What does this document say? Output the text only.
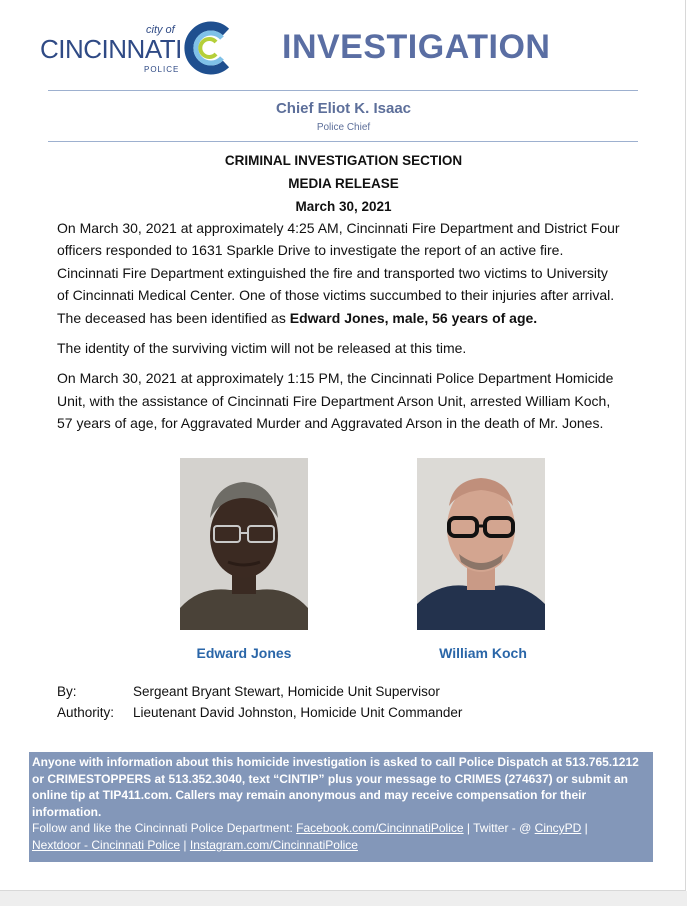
city of
CINCINNATI
POLICE
INVESTIGATION
Chief Eliot K. Isaac
Police Chief
CRIMINAL INVESTIGATION SECTION
MEDIA RELEASE
March 30, 2021

On March 30, 2021 at approximately 4:25 AM, Cincinnati Fire Department and District Four
officers responded to 1631 Sparkle Drive to investigate the report of an active fire.
Cincinnati Fire Department extinguished the fire and transported two victims to University
of Cincinnati Medical Center. One of those victims succumbed to their injuries after arrival.
The deceased has been identified as Edward Jones, male, 56 years of age.

The identity of the surviving victim will not be released at this time.

On March 30, 2021 at approximately 1:15 PM, the Cincinnati Police Department Homicide
Unit, with the assistance of Cincinnati Fire Department Arson Unit, arrested William Koch,
57 years of age, for Aggravated Murder and Aggravated Arson in the death of Mr. Jones.

Edward Jones	William Koch
By:	Sergeant Bryant Stewart, Homicide Unit Supervisor
Authority: Lieutenant David Johnston, Homicide Unit Commander
Anyone with information about this homicide investigation is asked to call Police Dispatch at 513.765.1212
or CRIMESTOPPERS at 513.352.3040, text “CINTIP” plus your message to CRIMES (274637) or submit an
online tip at TIP411.com. Callers may remain anonymous and may receive compensation for their
information.
Follow and like the Cincinnati Police Department: Facebook.com/CincinnatiPolice | Twitter - @ CincyPD |
Nextdoor - Cincinnati Police | Instagram.com/CincinnatiPolice
